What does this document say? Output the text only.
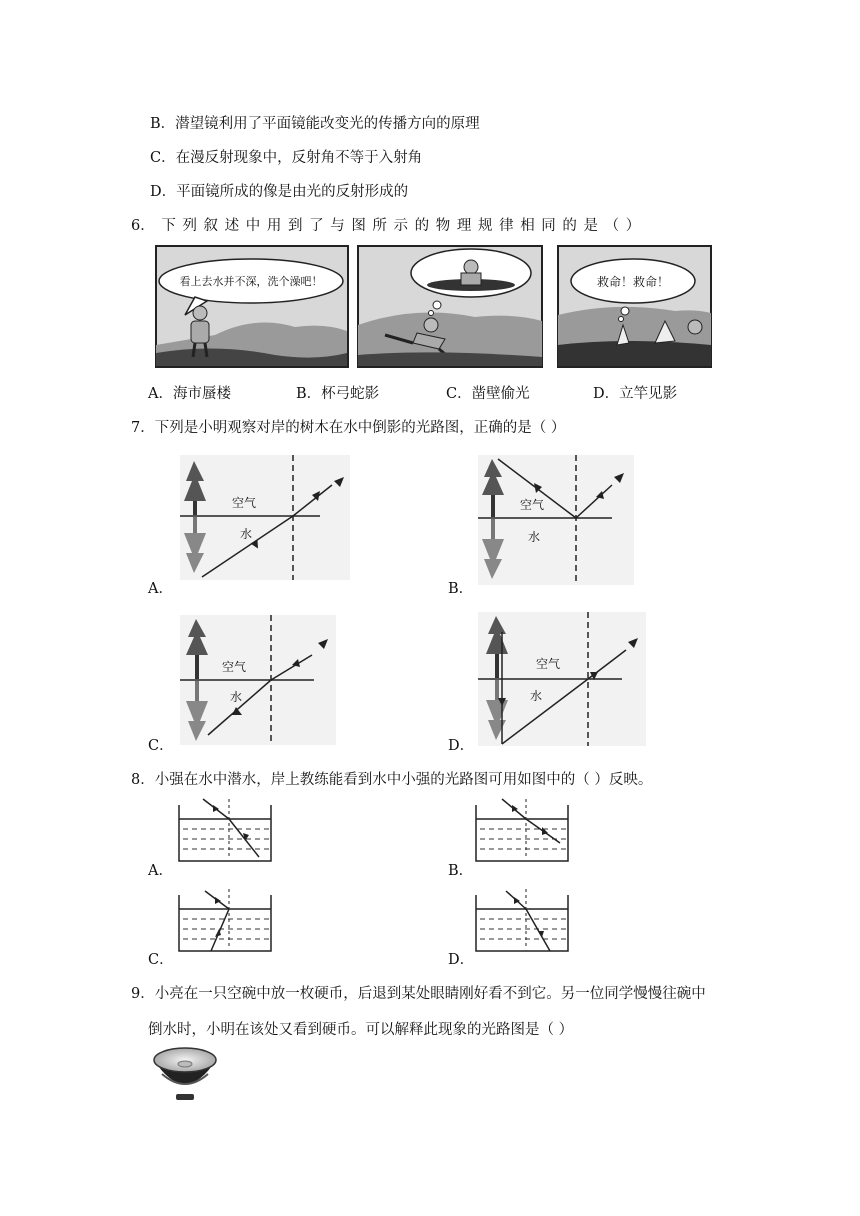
B．潜望镜利用了平面镜能改变光的传播方向的原理
C．在漫反射现象中，反射角不等于入射角
D．平面镜所成的像是由光的反射形成的
6． 下 列 叙 述 中 用 到 了 与 图 所 示 的 物 理 规 律 相 同 的 是 （ ）
看上去水并不深，洗个澡吧！	救命！救命！
A．海市蜃楼	B．杯弓蛇影	C．凿壁偷光	D．立竿见影
7．下列是小明观察对岸的树木在水中倒影的光路图，正确的是（ ）
空气
水
A．
空气
水
B．
空气
水
C．
空气
水
D．
8．小强在水中潜水，岸上教练能看到水中小强的光路图可用如图中的（ ）反映。
A．	B．
C．	D．
9．小亮在一只空碗中放一枚硬币，后退到某处眼睛刚好看不到它。另一位同学慢慢往碗中
倒水时，小明在该处又看到硬币。可以解释此现象的光路图是（ ）
